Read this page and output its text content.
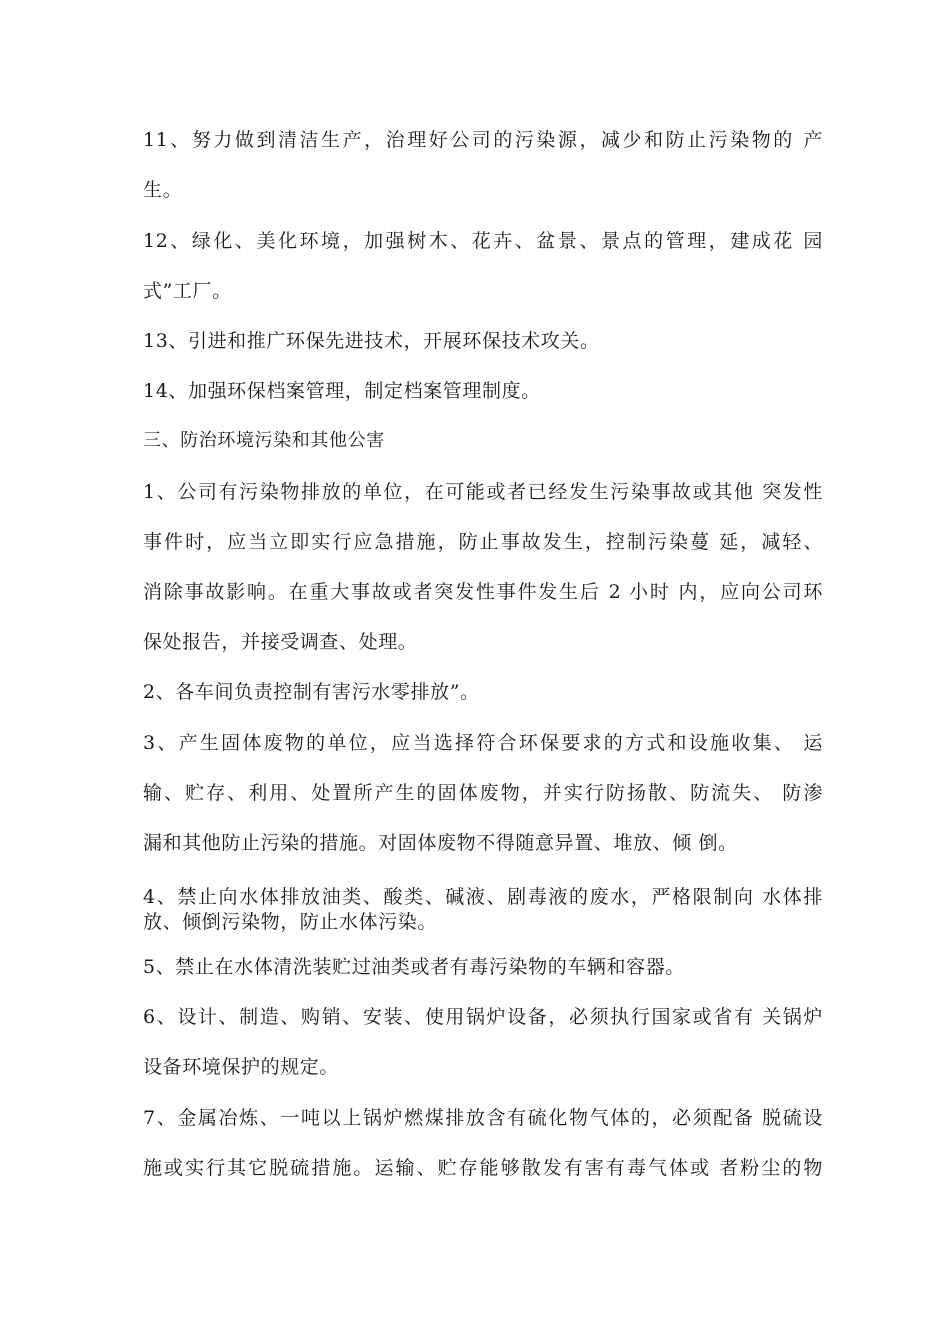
11、努力做到清洁生产，治理好公司的污染源，减少和防止污染物的 产
生。
12、绿化、美化环境，加强树木、花卉、盆景、景点的管理，建成花 园
式”工厂。
13、引进和推广环保先进技术，开展环保技术攻关。
14、加强环保档案管理，制定档案管理制度。
三、防治环境污染和其他公害
1、公司有污染物排放的单位，在可能或者已经发生污染事故或其他 突发性
事件时，应当立即实行应急措施，防止事故发生，控制污染蔓 延，减轻、
消除事故影响。在重大事故或者突发性事件发生后 2 小时 内，应向公司环
保处报告，并接受调查、处理。
2、各车间负责控制有害污水零排放”。
3、产生固体废物的单位，应当选择符合环保要求的方式和设施收集、 运
输、贮存、利用、处置所产生的固体废物，并实行防扬散、防流失、 防渗
漏和其他防止污染的措施。对固体废物不得随意异置、堆放、倾 倒。
4、禁止向水体排放油类、酸类、碱液、剧毒液的废水，严格限制向 水体排
放、倾倒污染物，防止水体污染。
5、禁止在水体清洗装贮过油类或者有毒污染物的车辆和容器。
6、设计、制造、购销、安装、使用锅炉设备，必须执行国家或省有 关锅炉
设备环境保护的规定。
7、金属冶炼、一吨以上锅炉燃煤排放含有硫化物气体的，必须配备 脱硫设
施或实行其它脱硫措施。运输、贮存能够散发有害有毒气体或 者粉尘的物
